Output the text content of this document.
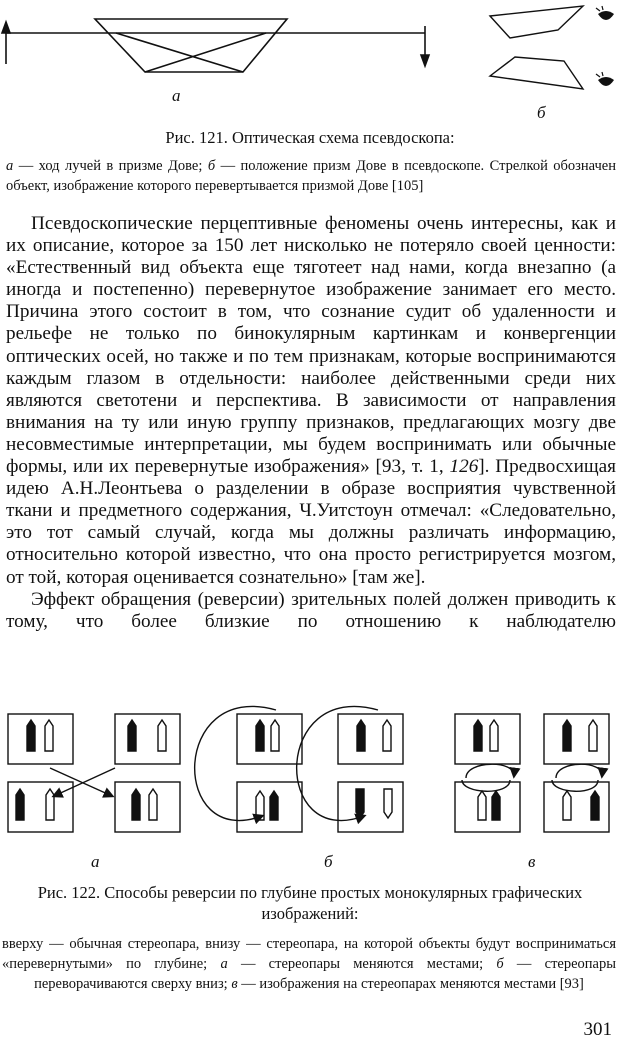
а
б
Рис. 121. Оптическая схема псевдоскопа:
а — ход лучей в призме Дове; б — положение призм Дове в псевдоскопе. Стрелкой обозначен объект, изображение которого перевертывается призмой Дове [105]

Псевдоскопические перцептивные феномены очень интересны, как и их описание, которое за 150 лет нисколько не потеряло своей ценности: «Естественный вид объекта еще тяготеет над нами, когда внезапно (а иногда и постепенно) перевернутое изображение занимает его место. Причина этого состоит в том, что сознание судит об удаленности и рельефе не только по бинокулярным картинкам и конвергенции оптических осей, но также и по тем признакам, которые воспринимаются каждым глазом в отдельности: наиболее действенными среди них являются светотени и перспектива. В зависимости от направления внимания на ту или иную группу признаков, предлагающих мозгу две несовместимые интерпретации, мы будем воспринимать или обычные формы, или их перевернутые изображения» [93, т. 1, 126]. Предвосхищая идею А.Н.Леонтьева о разделении в образе восприятия чувственной ткани и предметного содержания, Ч.Уитстоун отмечал: «Следовательно, это тот самый случай, когда мы должны различать информацию, относительно которой известно, что она просто регистрируется мозгом, от той, которая оценивается сознательно» [там же].

Эффект обращения (реверсии) зрительных полей должен приводить к тому, что более близкие по отношению к наблюдателю

а	б	в
Рис. 122. Способы реверсии по глубине простых монокулярных графических изображений:
вверху — обычная стереопара, внизу — стереопара, на которой объекты будут восприниматься «перевернутыми» по глубине; а — стереопары меняются местами; б — стереопары переворачиваются сверху вниз; в — изображения на стереопарах меняются местами [93]
301
